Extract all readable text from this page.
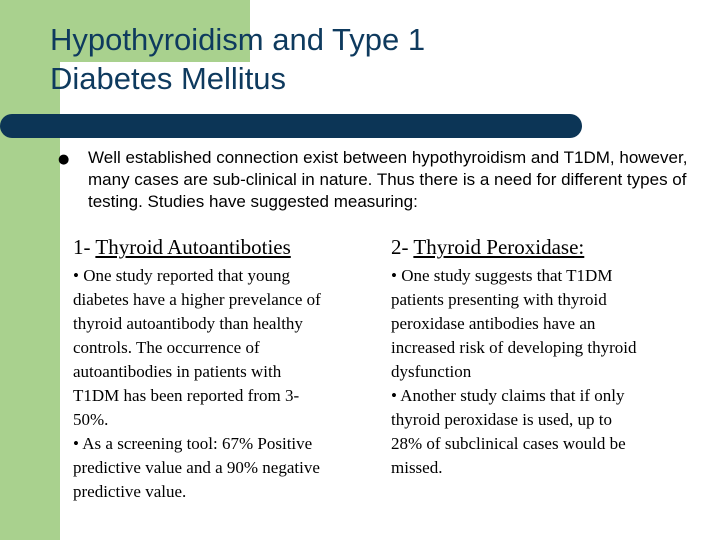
Hypothyroidism and Type 1
Diabetes Mellitus
● Well established connection exist between hypothyroidism and T1DM, however, many cases are sub-clinical in nature. Thus there is a need for different types of testing. Studies have suggested measuring:
1- Thyroid Autoantiboties

• One study reported that young

diabetes have a higher prevelance of

thyroid autoantibody than healthy

controls. The occurrence of

autoantibodies in patients with

T1DM has been reported from 3-

50%.

• As a screening tool: 67% Positive

predictive value and a 90% negative

predictive value.

2- Thyroid Peroxidase:

• One study suggests that T1DM

patients presenting with thyroid

peroxidase antibodies have an

increased risk of developing thyroid

dysfunction

• Another study claims that if only

thyroid peroxidase is used, up to

28% of subclinical cases would be

missed.
